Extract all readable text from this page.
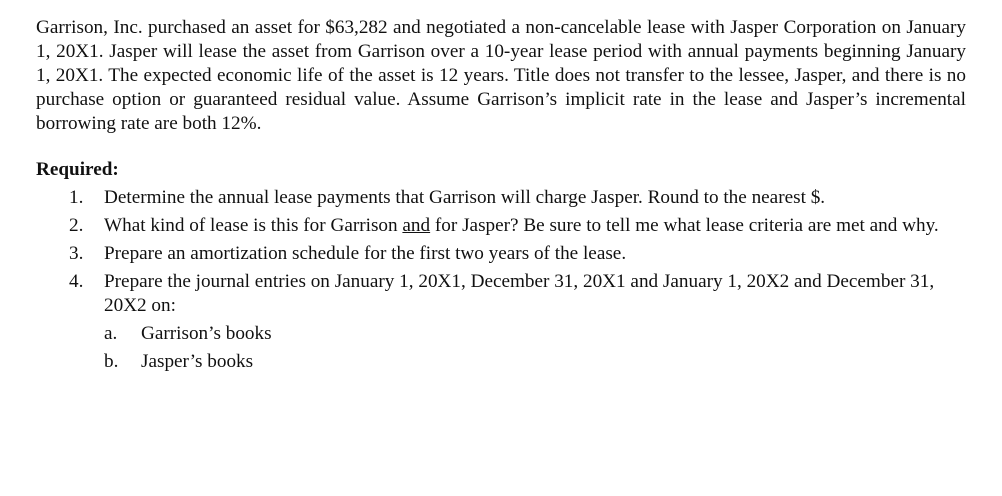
Garrison, Inc. purchased an asset for $63,282 and negotiated a non-cancelable lease with Jasper Corporation on January 1, 20X1. Jasper will lease the asset from Garrison over a 10-year lease period with annual payments beginning January 1, 20X1. The expected economic life of the asset is 12 years. Title does not transfer to the lessee, Jasper, and there is no purchase option or guaranteed residual value. Assume Garrison’s implicit rate in the lease and Jasper’s incremental borrowing rate are both 12%.

Required:
1. Determine the annual lease payments that Garrison will charge Jasper. Round to the nearest $.
2. What kind of lease is this for Garrison and for Jasper? Be sure to tell me what lease criteria are met and why.
3. Prepare an amortization schedule for the first two years of the lease.
4. Prepare the journal entries on January 1, 20X1, December 31, 20X1 and January 1, 20X2 and December 31, 20X2 on:
a. Garrison’s books
b. Jasper’s books
